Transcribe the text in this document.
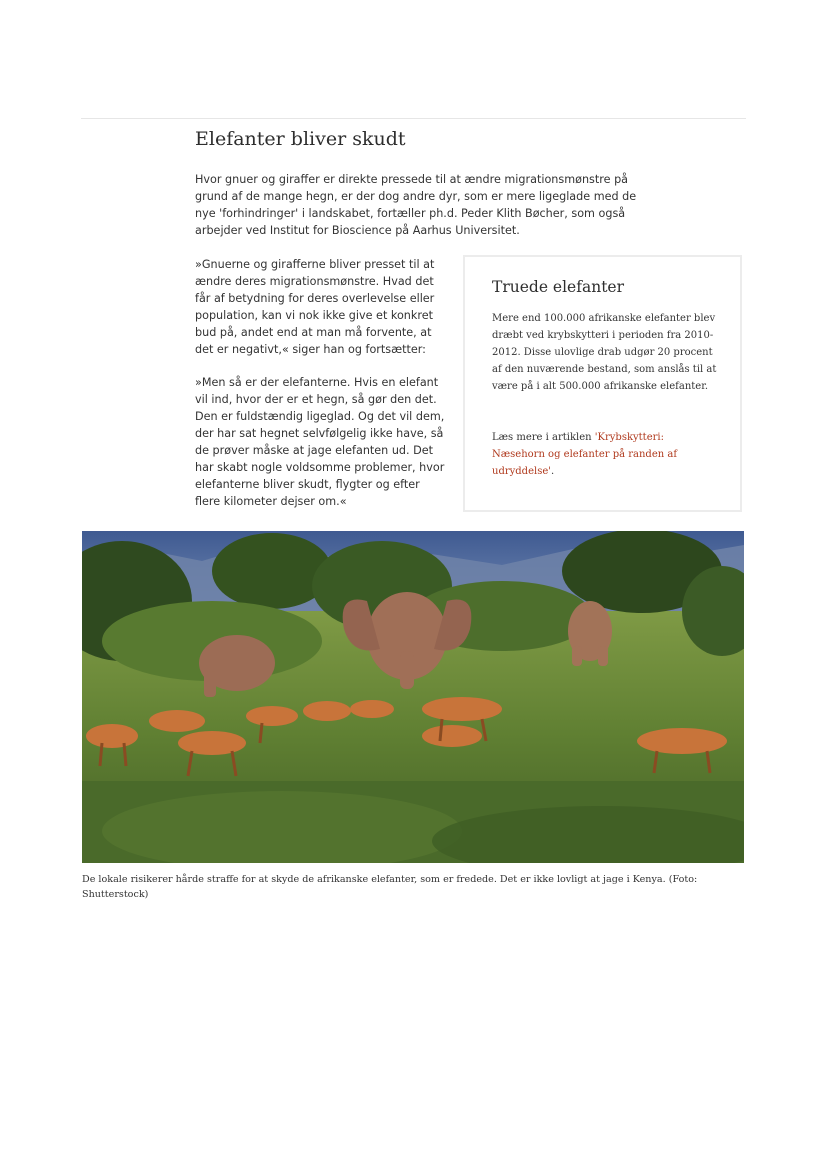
Elefanter bliver skudt

Hvor gnuer og giraffer er direkte pressede til at ændre migrationsmønstre på grund af de mange hegn, er der dog andre dyr, som er mere ligeglade med de nye 'forhindringer' i landskabet, fortæller ph.d. Peder Klith Bøcher, som også arbejder ved Institut for Bioscience på Aarhus Universitet.

»Gnuerne og girafferne bliver presset til at ændre deres migrationsmønstre. Hvad det får af betydning for deres overlevelse eller population, kan vi nok ikke give et konkret bud på, andet end at man må forvente, at det er negativt,« siger han og fortsætter:

»Men så er der elefanterne. Hvis en elefant vil ind, hvor der er et hegn, så gør den det. Den er fuldstændig ligeglad. Og det vil dem, der har sat hegnet selvfølgelig ikke have, så de prøver måske at jage elefanten ud. Det har skabt nogle voldsomme problemer, hvor elefanterne bliver skudt, flygter og efter flere kilometer dejser om.«

Truede elefanter

Mere end 100.000 afrikanske elefanter blev dræbt ved krybskytteri i perioden fra 2010-2012. Disse ulovlige drab udgør 20 procent af den nuværende bestand, som anslås til at være på i alt 500.000 afrikanske elefanter.

Læs mere i artiklen 'Krybskytteri: Næsehorn og elefanter på randen af udryddelse'.

De lokale risikerer hårde straffe for at skyde de afrikanske elefanter, som er fredede. Det er ikke lovligt at jage i Kenya. (Foto: Shutterstock)
